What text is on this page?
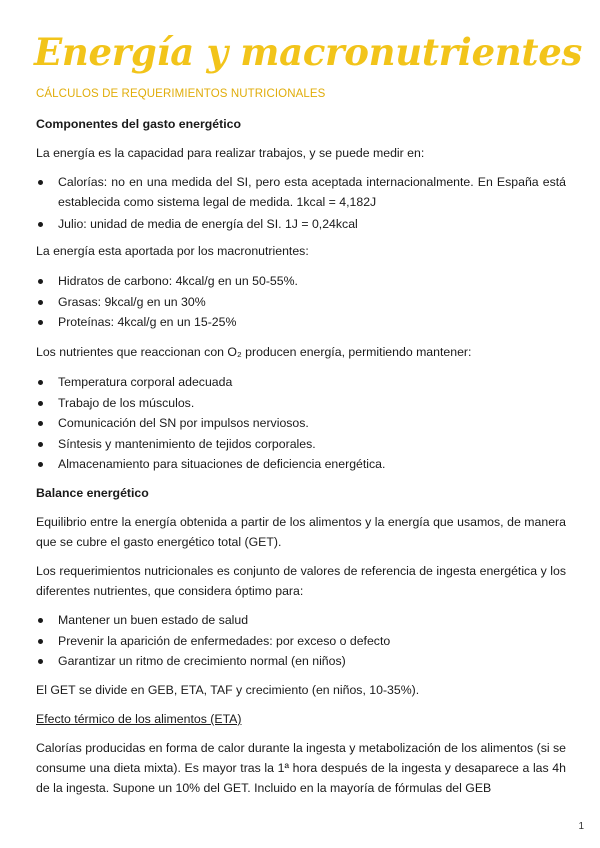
Energía y macronutrientes
CÁLCULOS DE REQUERIMIENTOS NUTRICIONALES
Componentes del gasto energético

La energía es la capacidad para realizar trabajos, y se puede medir en:

Calorías: no en una medida del SI, pero esta aceptada internacionalmente. En España está establecida como sistema legal de medida. 1kcal = 4,182J
Julio: unidad de media de energía del SI. 1J = 0,24kcal

La energía esta aportada por los macronutrientes:

Hidratos de carbono: 4kcal/g en un 50-55%.
Grasas: 9kcal/g en un 30%
Proteínas: 4kcal/g en un 15-25%

Los nutrientes que reaccionan con O₂ producen energía, permitiendo mantener:

Temperatura corporal adecuada
Trabajo de los músculos.
Comunicación del SN por impulsos nerviosos.
Síntesis y mantenimiento de tejidos corporales.
Almacenamiento para situaciones de deficiencia energética.
Balance energético

Equilibrio entre la energía obtenida a partir de los alimentos y la energía que usamos, de manera que se cubre el gasto energético total (GET).

Los requerimientos nutricionales es conjunto de valores de referencia de ingesta energética y los diferentes nutrientes, que considera óptimo para:

Mantener un buen estado de salud
Prevenir la aparición de enfermedades: por exceso o defecto
Garantizar un ritmo de crecimiento normal (en niños)

El GET se divide en GEB, ETA, TAF y crecimiento (en niños, 10-35%).

Efecto térmico de los alimentos (ETA)

Calorías producidas en forma de calor durante la ingesta y metabolización de los alimentos (si se consume una dieta mixta). Es mayor tras la 1ª hora después de la ingesta y desaparece a las 4h de la ingesta. Supone un 10% del GET. Incluido en la mayoría de fórmulas del GEB

1
